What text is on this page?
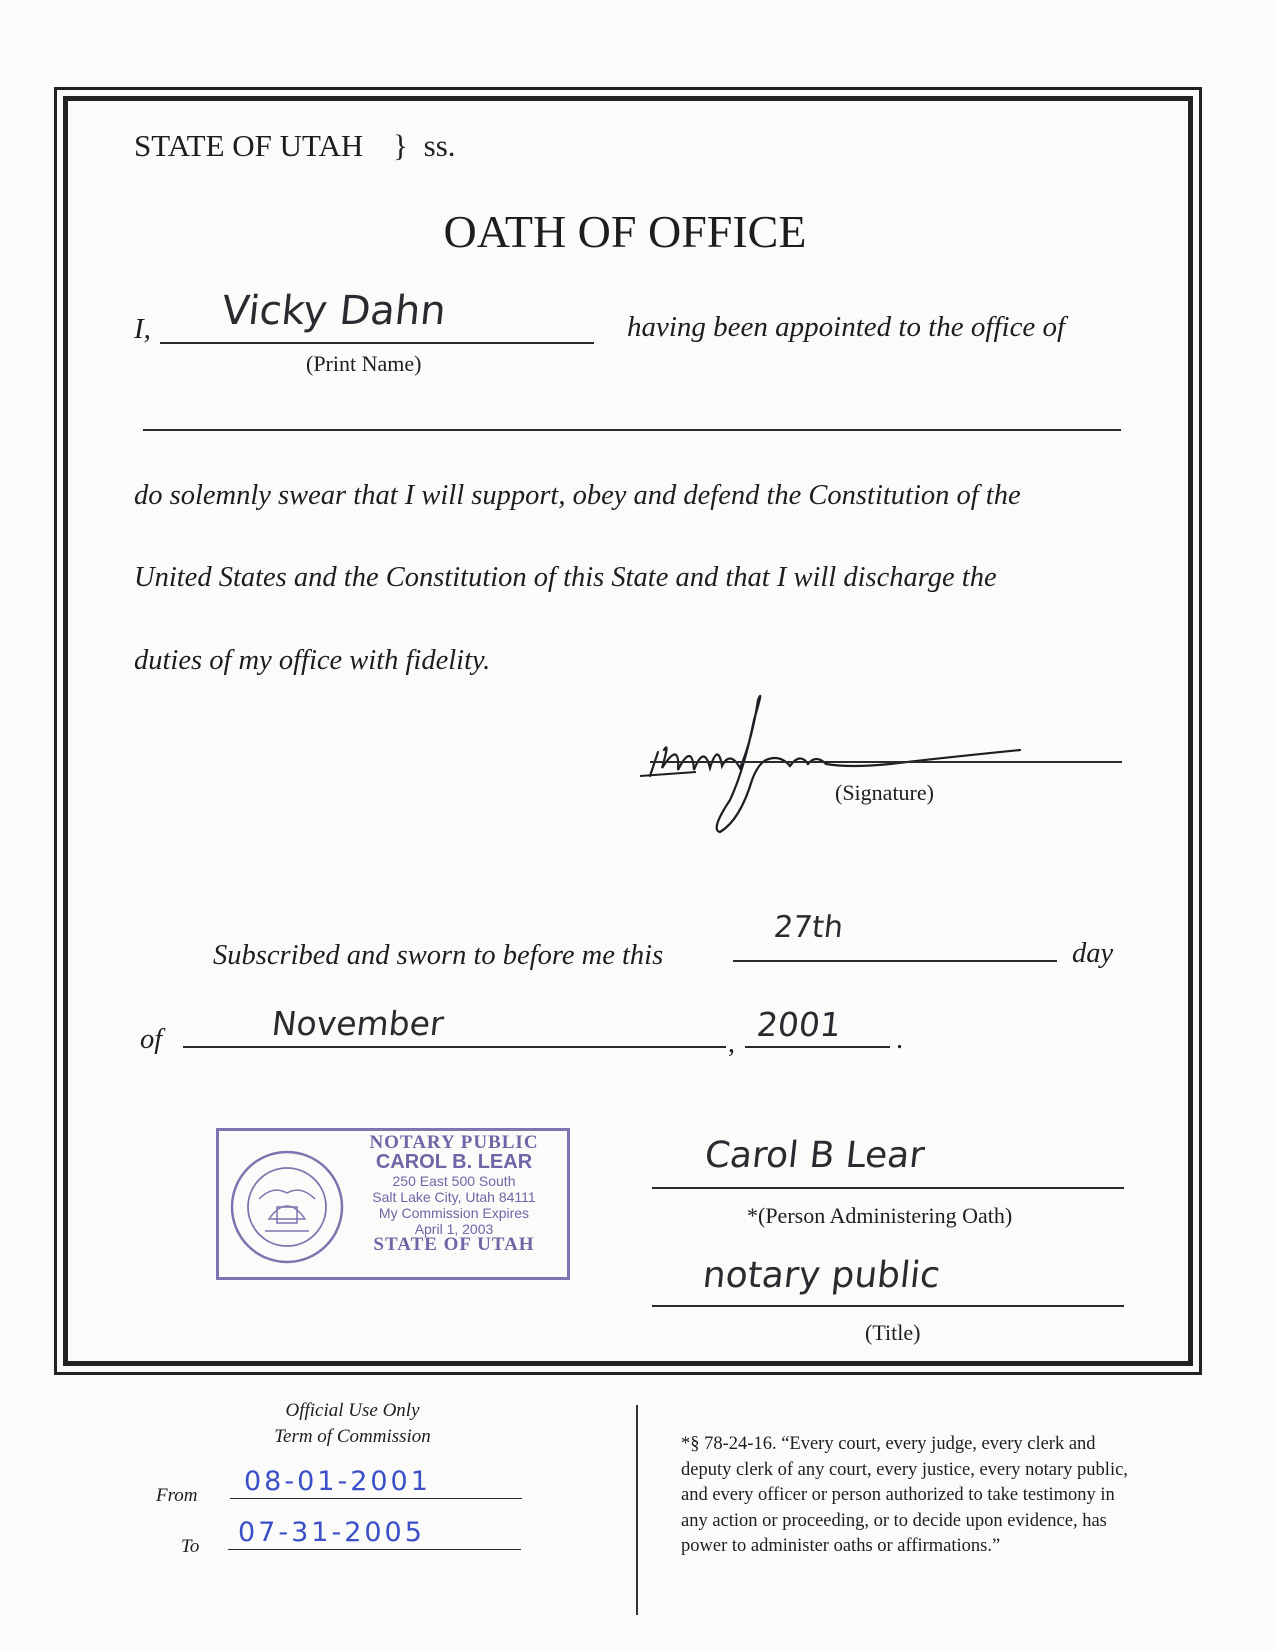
STATE OF UTAH } ss.
OATH OF OFFICE
I, Vicky Dahn
(Print Name)
having been appointed to the office of
do solemnly swear that I will support, obey and defend the Constitution of the
United States and the Constitution of this State and that I will discharge the
duties of my office with fidelity.
(Signature)
Subscribed and sworn to before me this
27th
day
of	November
, 2001 .
NOTARY PUBLIC
CAROL B. LEAR
250 East 500 South
Salt Lake City, Utah 84111
My Commission Expires
April 1, 2003
STATE OF UTAH
Carol B Lear
*(Person Administering Oath)
notary public
(Title)
Official Use Only
Term of Commission
From 08-01-2001
To 07-31-2005
*§ 78-24-16. “Every court, every judge, every clerk and
deputy clerk of any court, every justice, every notary public,
and every officer or person authorized to take testimony in
any action or proceeding, or to decide upon evidence, has
power to administer oaths or affirmations.”
